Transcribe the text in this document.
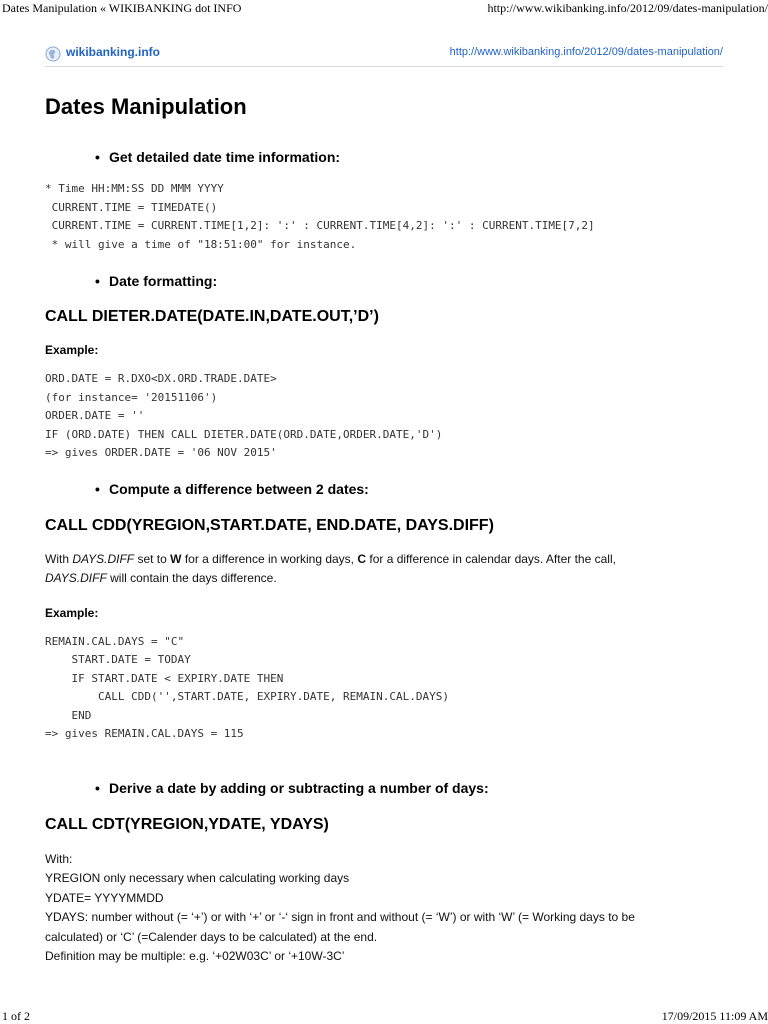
Dates Manipulation « WIKIBANKING dot INFO	http://www.wikibanking.info/2012/09/dates-manipulation/
wikibanking.info	http://www.wikibanking.info/2012/09/dates-manipulation/
Dates Manipulation
• Get detailed date time information:
* Time HH:MM:SS DD MMM YYYY
CURRENT.TIME = TIMEDATE()
CURRENT.TIME = CURRENT.TIME[1,2]: ':' : CURRENT.TIME[4,2]: ':' : CURRENT.TIME[7,2]
* will give a time of "18:51:00" for instance.
• Date formatting:
CALL DIETER.DATE(DATE.IN,DATE.OUT,’D’)
Example:
ORD.DATE = R.DXO<DX.ORD.TRADE.DATE>
(for instance= '20151106')
ORDER.DATE = ''
IF (ORD.DATE) THEN CALL DIETER.DATE(ORD.DATE,ORDER.DATE,'D')
=> gives ORDER.DATE = '06 NOV 2015'
• Compute a difference between 2 dates:
CALL CDD(YREGION,START.DATE, END.DATE, DAYS.DIFF)

With DAYS.DIFF set to W for a difference in working days, C for a difference in calendar days. After the call,
DAYS.DIFF will contain the days difference.

Example:
REMAIN.CAL.DAYS = "C"
START.DATE = TODAY
IF START.DATE < EXPIRY.DATE THEN
CALL CDD('',START.DATE, EXPIRY.DATE, REMAIN.CAL.DAYS)
END
=> gives REMAIN.CAL.DAYS = 115
• Derive a date by adding or subtracting a number of days:
CALL CDT(YREGION,YDATE, YDAYS)
With:
YREGION only necessary when calculating working days
YDATE= YYYYMMDD
YDAYS: number without (= ‘+’) or with ‘+’ or ‘-‘ sign in front and without (= ‘W’) or with ‘W’ (= Working days to be
calculated) or ‘C’ (=Calender days to be calculated) at the end.
Definition may be multiple: e.g. ‘+02W03C’ or ‘+10W-3C’
1 of 2	17/09/2015 11:09 AM
